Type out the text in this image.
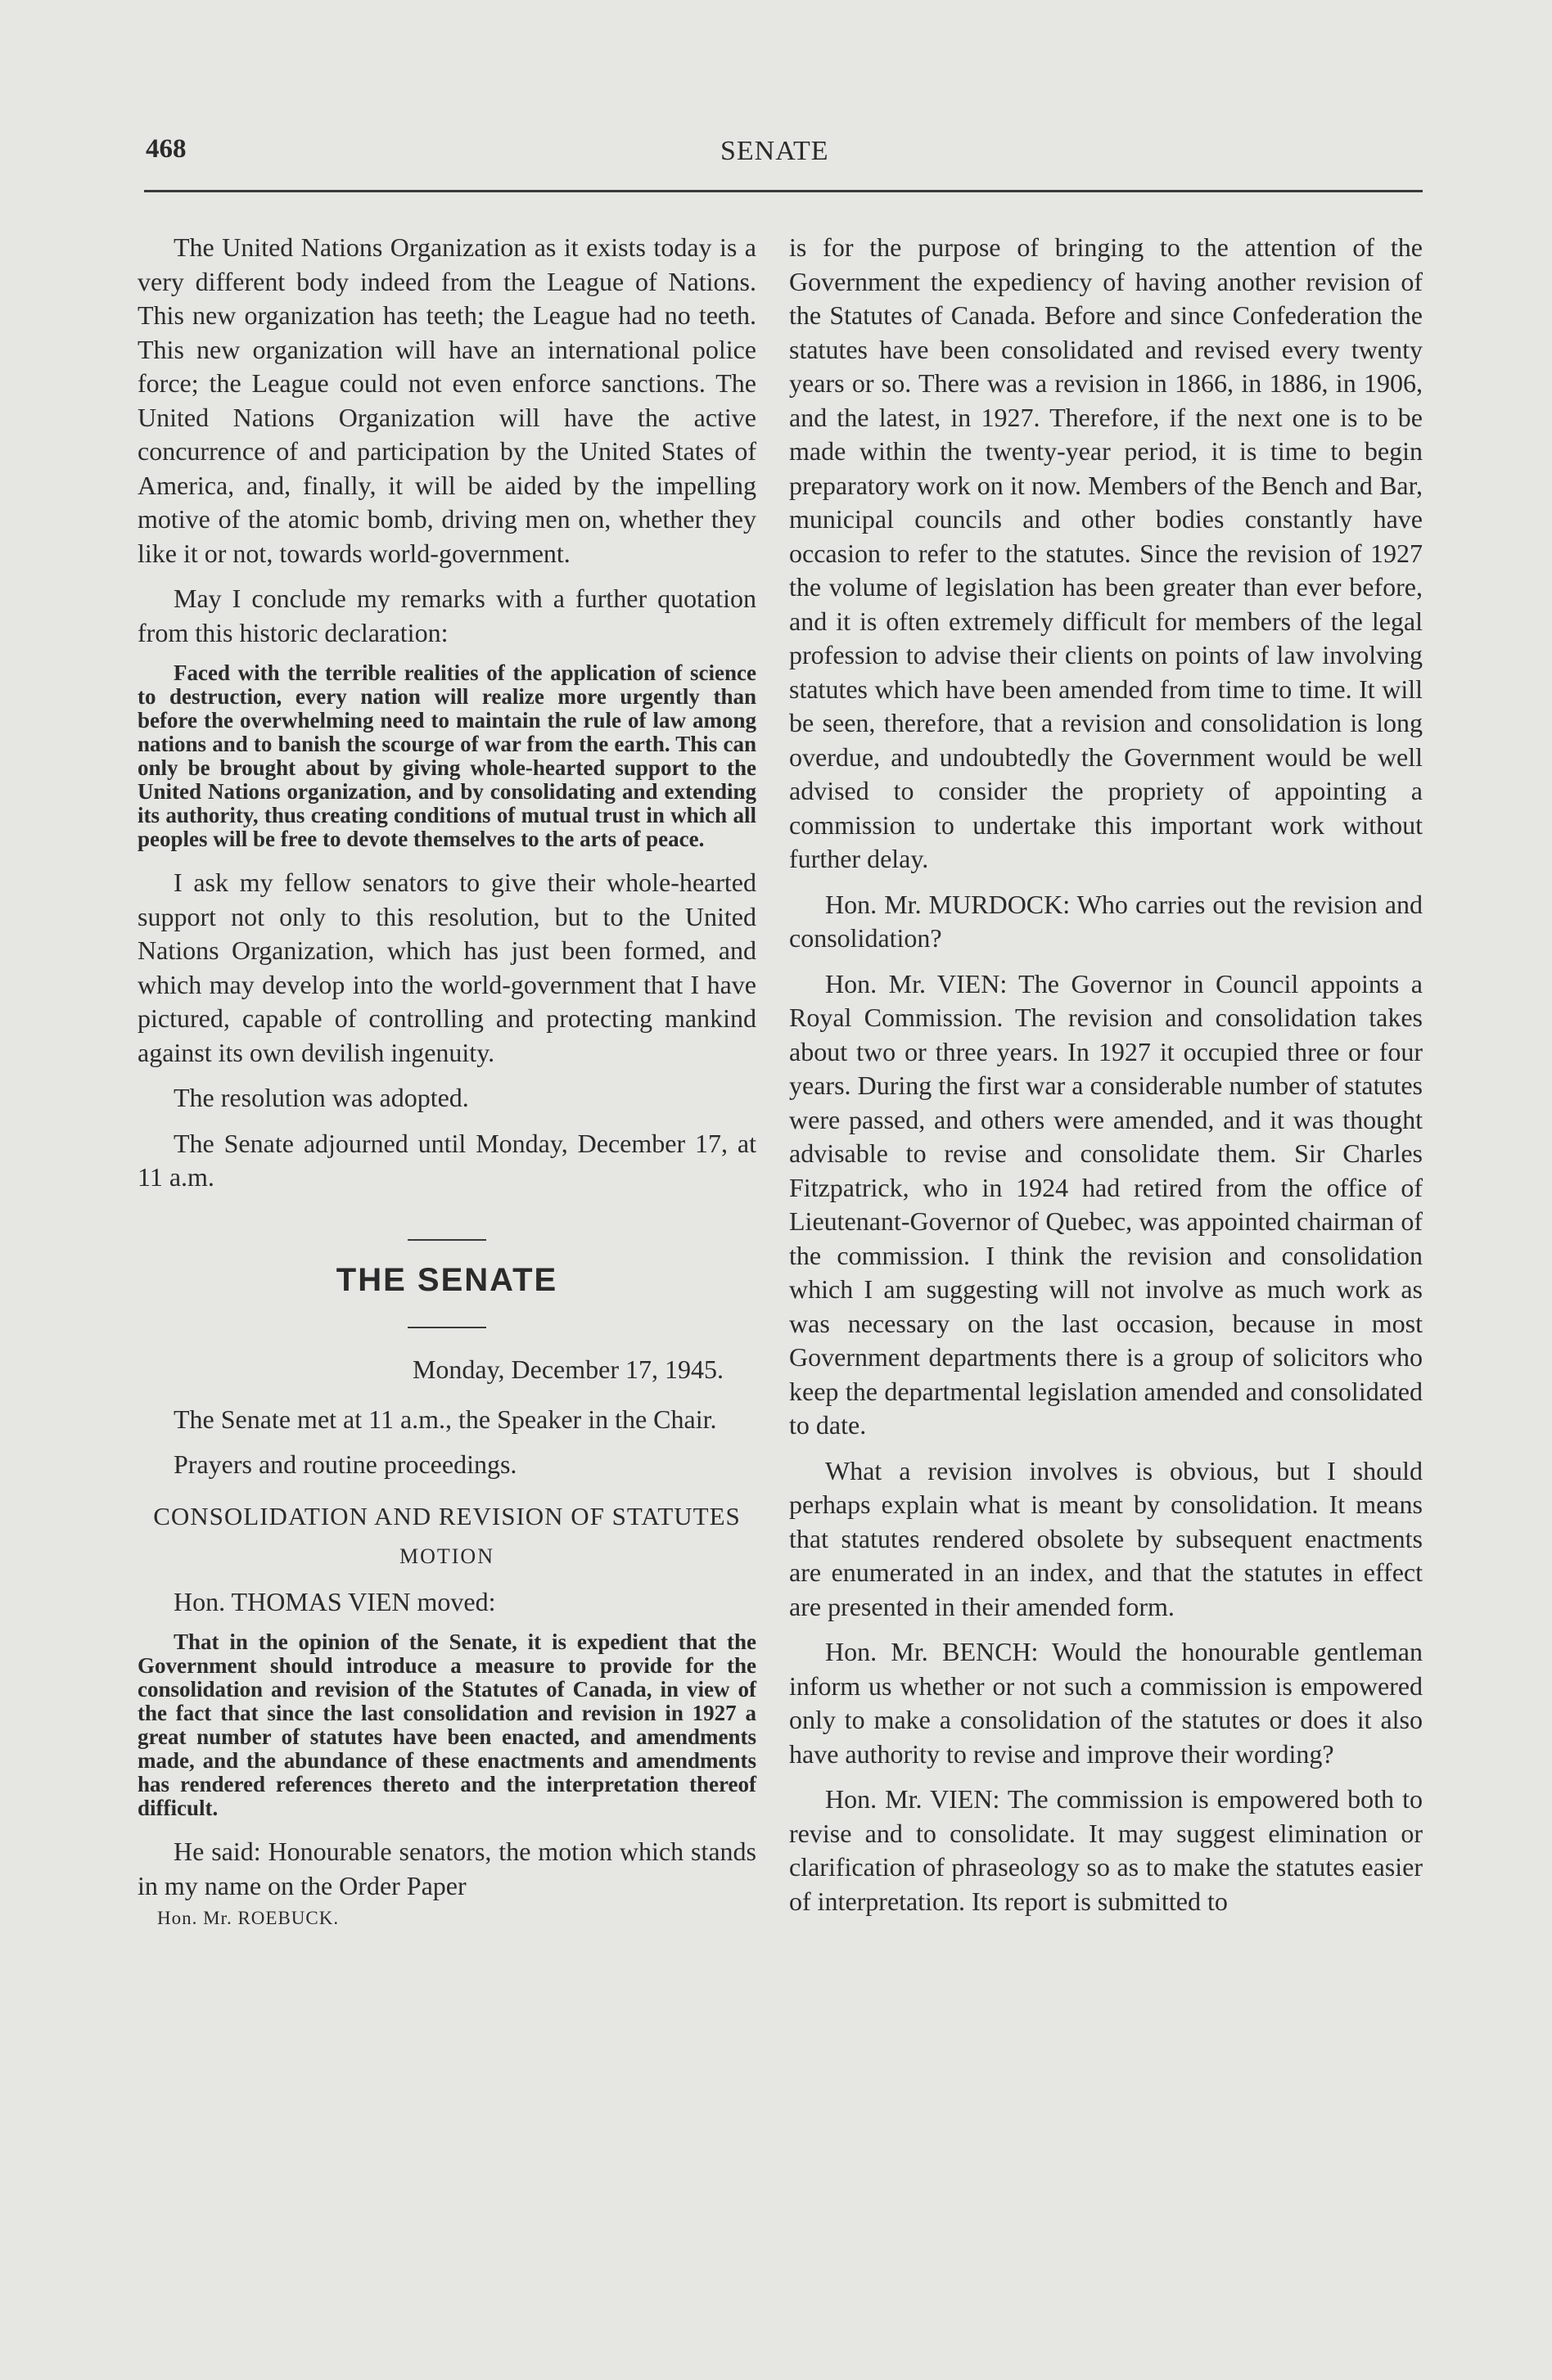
468	SENATE

The United Nations Organization as it exists today is a very different body indeed from the League of Nations. This new organization has teeth; the League had no teeth. This new organization will have an international police force; the League could not even enforce sanctions. The United Nations Organization will have the active concurrence of and participation by the United States of America, and, finally, it will be aided by the impelling motive of the atomic bomb, driving men on, whether they like it or not, towards world-government.

May I conclude my remarks with a further quotation from this historic declaration:

Faced with the terrible realities of the application of science to destruction, every nation will realize more urgently than before the overwhelming need to maintain the rule of law among nations and to banish the scourge of war from the earth. This can only be brought about by giving whole-hearted support to the United Nations organization, and by consolidating and extending its authority, thus creating conditions of mutual trust in which all peoples will be free to devote themselves to the arts of peace.

I ask my fellow senators to give their whole-hearted support not only to this resolution, but to the United Nations Organization, which has just been formed, and which may develop into the world-government that I have pictured, capable of controlling and protecting mankind against its own devilish ingenuity.

The resolution was adopted.

The Senate adjourned until Monday, December 17, at 11 a.m.

THE SENATE

Monday, December 17, 1945.

The Senate met at 11 a.m., the Speaker in the Chair.

Prayers and routine proceedings.

CONSOLIDATION AND REVISION OF STATUTES

MOTION

Hon. THOMAS VIEN moved:

That in the opinion of the Senate, it is expedient that the Government should introduce a measure to provide for the consolidation and revision of the Statutes of Canada, in view of the fact that since the last consolidation and revision in 1927 a great number of statutes have been enacted, and amendments made, and the abundance of these enactments and amendments has rendered references thereto and the interpretation thereof difficult.

He said: Honourable senators, the motion which stands in my name on the Order Paper

Hon. Mr. ROEBUCK.

is for the purpose of bringing to the attention of the Government the expediency of having another revision of the Statutes of Canada. Before and since Confederation the statutes have been consolidated and revised every twenty years or so. There was a revision in 1866, in 1886, in 1906, and the latest, in 1927. Therefore, if the next one is to be made within the twenty-year period, it is time to begin preparatory work on it now. Members of the Bench and Bar, municipal councils and other bodies constantly have occasion to refer to the statutes. Since the revision of 1927 the volume of legislation has been greater than ever before, and it is often extremely difficult for members of the legal profession to advise their clients on points of law involving statutes which have been amended from time to time. It will be seen, therefore, that a revision and consolidation is long overdue, and undoubtedly the Government would be well advised to consider the propriety of appointing a commission to undertake this important work without further delay.

Hon. Mr. MURDOCK: Who carries out the revision and consolidation?

Hon. Mr. VIEN: The Governor in Council appoints a Royal Commission. The revision and consolidation takes about two or three years. In 1927 it occupied three or four years. During the first war a considerable number of statutes were passed, and others were amended, and it was thought advisable to revise and consolidate them. Sir Charles Fitzpatrick, who in 1924 had retired from the office of Lieutenant-Governor of Quebec, was appointed chairman of the commission. I think the revision and consolidation which I am suggesting will not involve as much work as was necessary on the last occasion, because in most Government departments there is a group of solicitors who keep the departmental legislation amended and consolidated to date.

What a revision involves is obvious, but I should perhaps explain what is meant by consolidation. It means that statutes rendered obsolete by subsequent enactments are enumerated in an index, and that the statutes in effect are presented in their amended form.

Hon. Mr. BENCH: Would the honourable gentleman inform us whether or not such a commission is empowered only to make a consolidation of the statutes or does it also have authority to revise and improve their wording?

Hon. Mr. VIEN: The commission is empowered both to revise and to consolidate. It may suggest elimination or clarification of phraseology so as to make the statutes easier of interpretation. Its report is submitted to
